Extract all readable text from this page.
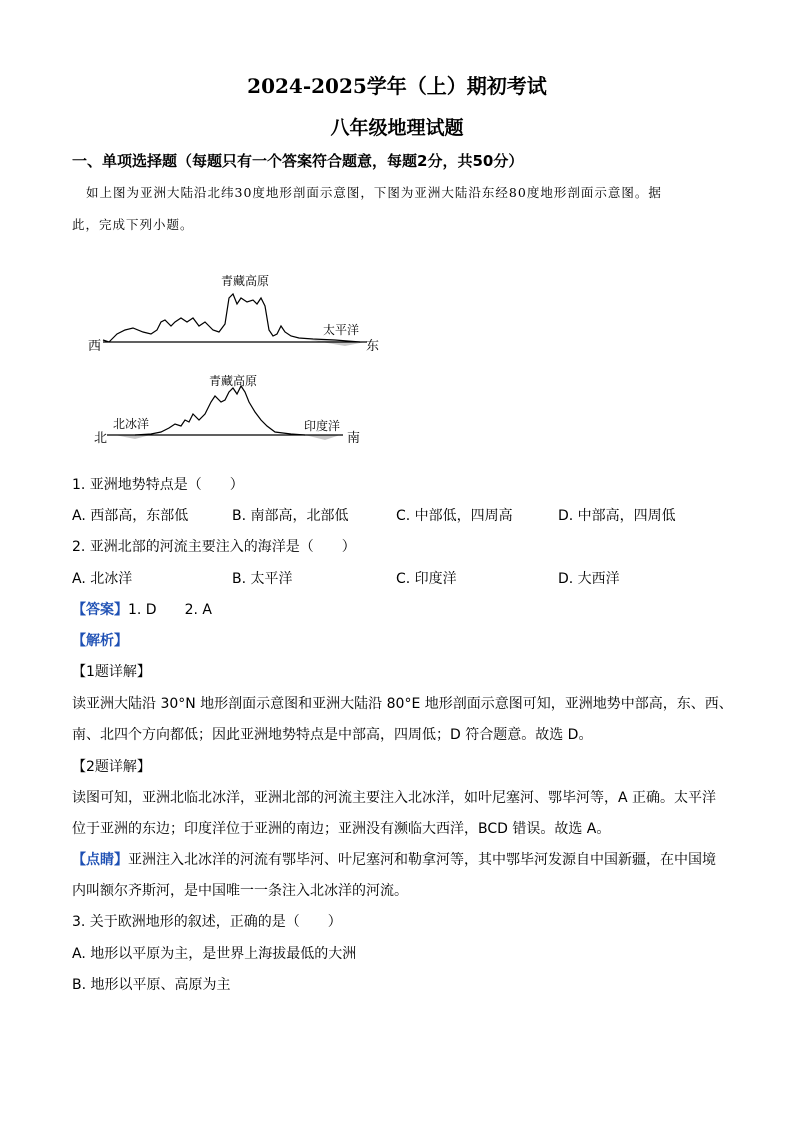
2024-2025学年（上）期初考试
八年级地理试题
一、单项选择题（每题只有一个答案符合题意，每题2分，共50分）
如上图为亚洲大陆沿北纬30度地形剖面示意图，下图为亚洲大陆沿东经80度地形剖面示意图。据
此，完成下列小题。
青藏高原
西	东
太平洋
青藏高原
北	南
北冰洋	印度洋
1. 亚洲地势特点是（　　）
A. 西部高，东部低	B. 南部高，北部低	C. 中部低，四周高	D. 中部高，四周低
2. 亚洲北部的河流主要注入的海洋是（　　）
A. 北冰洋	B. 太平洋	C. 印度洋	D. 大西洋
【答案】1. D　　2. A
【解析】
【1题详解】
读亚洲大陆沿 30°N 地形剖面示意图和亚洲大陆沿 80°E 地形剖面示意图可知，亚洲地势中部高，东、西、
南、北四个方向都低；因此亚洲地势特点是中部高，四周低；D 符合题意。故选 D。
【2题详解】
读图可知，亚洲北临北冰洋，亚洲北部的河流主要注入北冰洋，如叶尼塞河、鄂毕河等，A 正确。太平洋
位于亚洲的东边；印度洋位于亚洲的南边；亚洲没有濒临大西洋，BCD 错误。故选 A。
【点睛】亚洲注入北冰洋的河流有鄂毕河、叶尼塞河和勒拿河等，其中鄂毕河发源自中国新疆，在中国境
内叫额尔齐斯河，是中国唯一一条注入北冰洋的河流。
3. 关于欧洲地形的叙述，正确的是（　　）
A. 地形以平原为主，是世界上海拔最低的大洲
B. 地形以平原、高原为主
